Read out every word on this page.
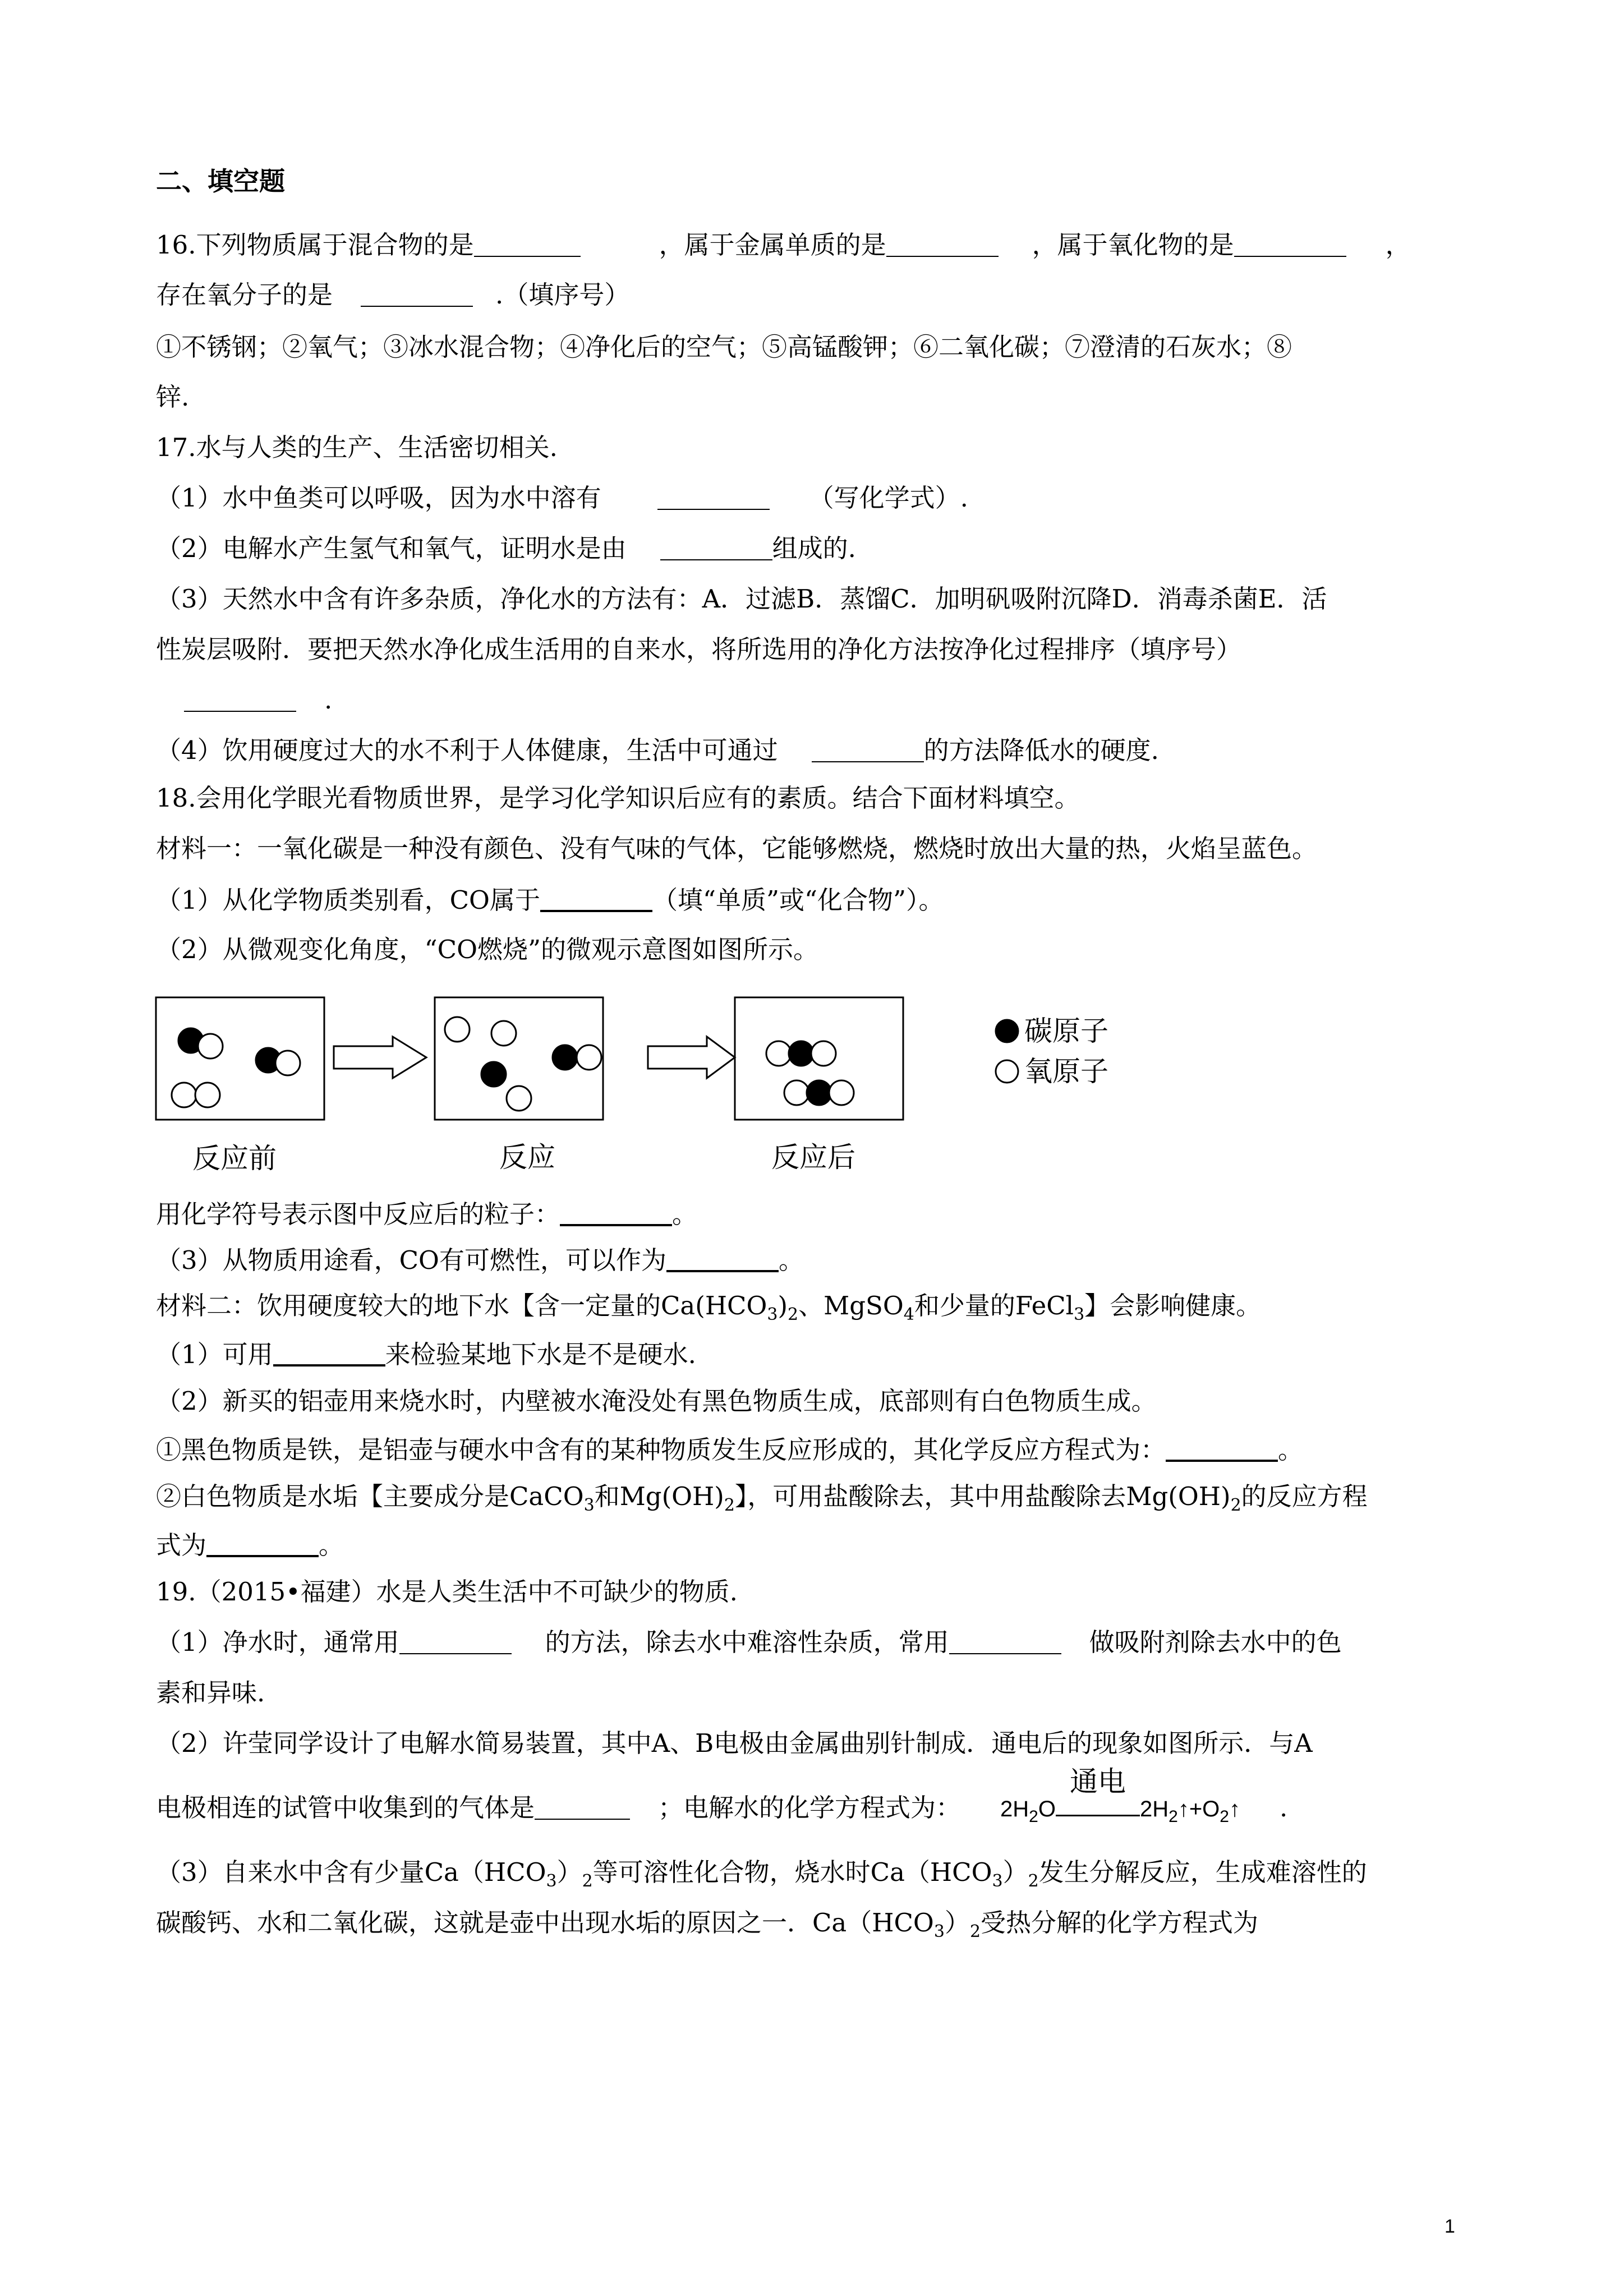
二、填空题
16.下列物质属于混合物的是	，属于金属单质的是	，属于氧化物的是	，
存在氧分子的是	.（填序号）
①不锈钢；②氧气；③冰水混合物；④净化后的空气；⑤高锰酸钾；⑥二氧化碳；⑦澄清的石灰水；⑧
锌.
17.水与人类的生产、生活密切相关.
（1）水中鱼类可以呼吸，因为水中溶有	（写化学式）.
（2）电解水产生氢气和氧气，证明水是由	组成的.
（3）天然水中含有许多杂质，净化水的方法有：A．过滤B．蒸馏C．加明矾吸附沉降D．消毒杀菌E．活
性炭层吸附．要把天然水净化成生活用的自来水，将所选用的净化方法按净化过程排序（填序号）
.
（4）饮用硬度过大的水不利于人体健康，生活中可通过	的方法降低水的硬度.
18.会用化学眼光看物质世界，是学习化学知识后应有的素质。结合下面材料填空。
材料一：一氧化碳是一种没有颜色、没有气味的气体，它能够燃烧，燃烧时放出大量的热，火焰呈蓝色。
（1）从化学物质类别看，CO属于	（填“单质”或“化合物”）。
（2）从微观变化角度，“CO燃烧”的微观示意图如图所示。
碳原子
氧原子
反应前	反应	反应后
用化学符号表示图中反应后的粒子：	。
（3）从物质用途看，CO有可燃性，可以作为	。
材料二：饮用硬度较大的地下水【含一定量的$Ca(HCO_3)_2$、MgSO$_4$和少量的FeCl$_3$】会影响健康。
（1）可用	来检验某地下水是不是硬水.
（2）新买的铝壶用来烧水时，内壁被水淹没处有黑色物质生成，底部则有白色物质生成。
①黑色物质是铁，是铝壶与硬水中含有的某种物质发生反应形成的，其化学反应方程式为：	。
②白色物质是水垢【主要成分是CaCO$_3$和$Mg(OH)_2$】，可用盐酸除去，其中用盐酸除去$Mg(OH)_2$的反应方程
式为	。
19.（2015•福建）水是人类生活中不可缺少的物质.
（1）净水时，通常用	的方法，除去水中难溶性杂质，常用	做吸附剂除去水中的色
素和异味.
（2）许莹同学设计了电解水简易装置，其中A、B电极由金属曲别针制成．通电后的现象如图所示．与A
电极相连的试管中收集到的气体是	；电解水的化学方程式为： $2H_2O$
通电
$2H_2↑+O_2↑$ .
（3）自来水中含有少量$Ca(HCO_3)_2$等可溶性化合物，烧水时$Ca(HCO_3)_2$发生分解反应，生成难溶性的
碳酸钙、水和二氧化碳，这就是壶中出现水垢的原因之一．$Ca(HCO_3)_2$受热分解的化学方程式为
1
